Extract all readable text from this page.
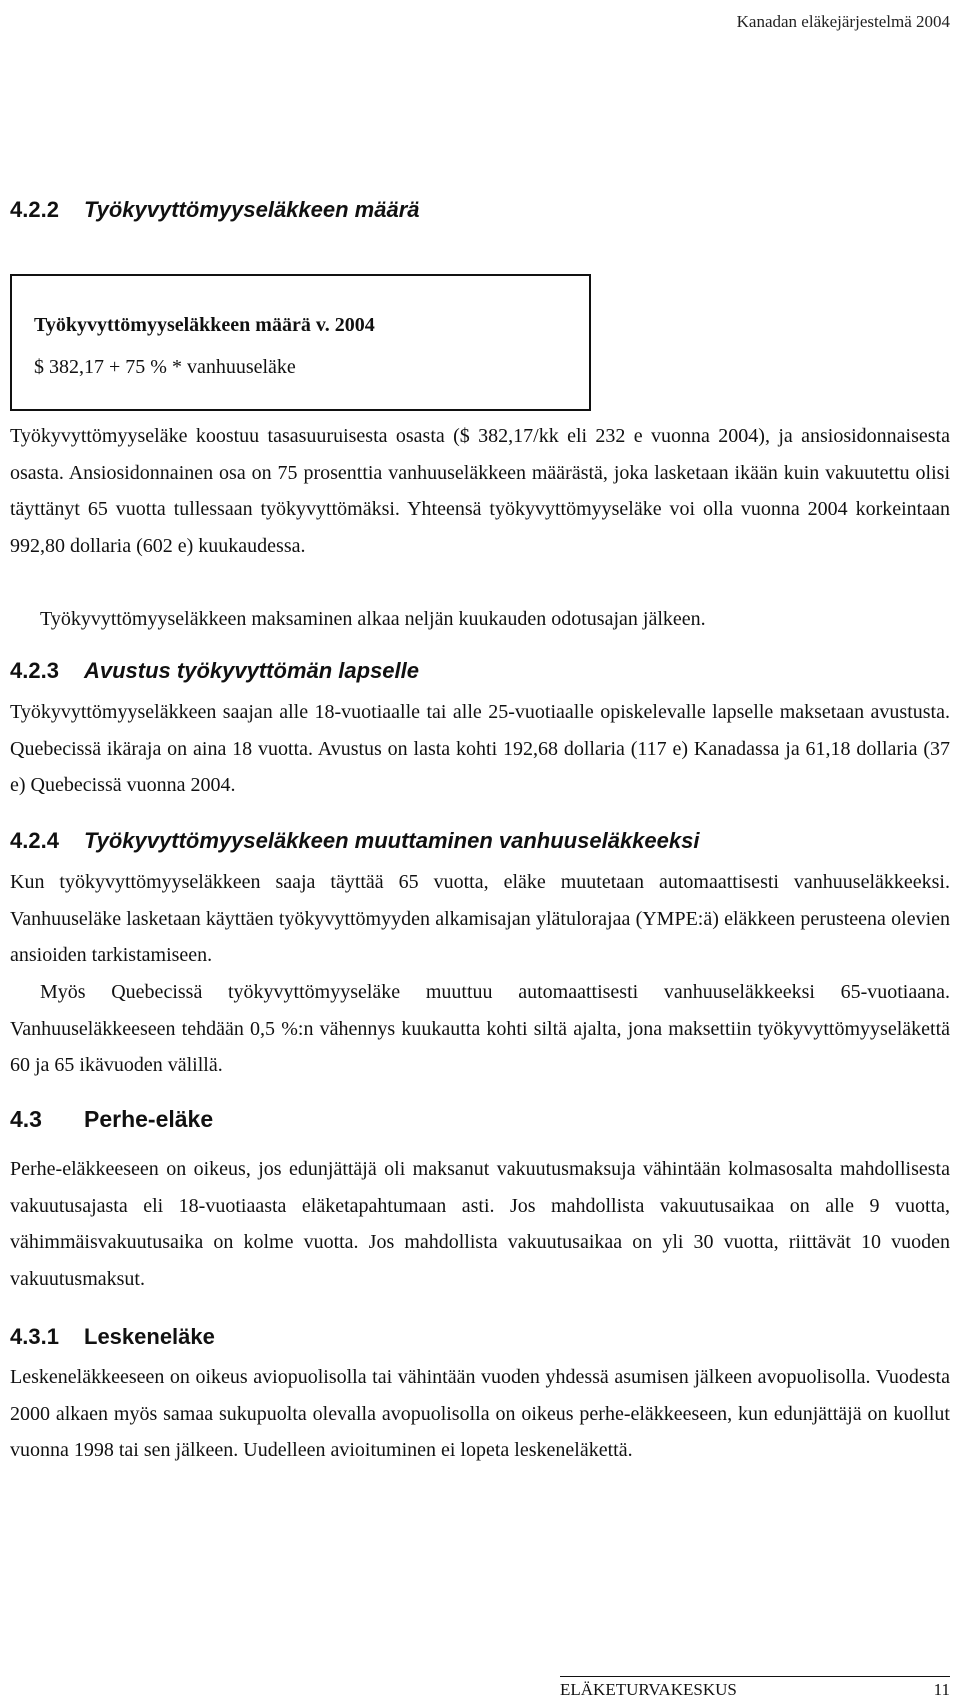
Kanadan eläkejärjestelmä 2004
4.2.2 Työkyvyttömyyseläkkeen määrä
Työkyvyttömyyseläkkeen määrä v. 2004
$ 382,17 + 75 % * vanhuuseläke

Työkyvyttömyyseläke koostuu tasasuuruisesta osasta ($ 382,17/kk eli 232 e vuonna 2004), ja ansiosidonnaisesta osasta. Ansiosidonnainen osa on 75 prosenttia vanhuuseläkkeen määrästä, joka lasketaan ikään kuin vakuutettu olisi täyttänyt 65 vuotta tullessaan työkyvyttömäksi. Yhteensä työkyvyttömyyseläke voi olla vuonna 2004 korkeintaan 992,80 dollaria (602 e) kuukaudessa.

Työkyvyttömyyseläkkeen maksaminen alkaa neljän kuukauden odotusajan jälkeen.

4.2.3 Avustus työkyvyttömän lapselle

Työkyvyttömyyseläkkeen saajan alle 18-vuotiaalle tai alle 25-vuotiaalle opiskelevalle lapselle maksetaan avustusta. Quebecissä ikäraja on aina 18 vuotta. Avustus on lasta kohti 192,68 dollaria (117 e) Kanadassa ja 61,18 dollaria (37 e) Quebecissä vuonna 2004.

4.2.4 Työkyvyttömyyseläkkeen muuttaminen vanhuuseläkkeeksi

Kun työkyvyttömyyseläkkeen saaja täyttää 65 vuotta, eläke muutetaan automaattisesti vanhuuseläkkeeksi. Vanhuuseläke lasketaan käyttäen työkyvyttömyyden alkamisajan ylätulorajaa (YMPE:ä) eläkkeen perusteena olevien ansioiden tarkistamiseen.

Myös Quebecissä työkyvyttömyyseläke muuttuu automaattisesti vanhuuseläkkeeksi 65-vuotiaana. Vanhuuseläkkeeseen tehdään 0,5 %:n vähennys kuukautta kohti siltä ajalta, jona maksettiin työkyvyttömyyseläkettä 60 ja 65 ikävuoden välillä.

4.3 Perhe-eläke

Perhe-eläkkeeseen on oikeus, jos edunjättäjä oli maksanut vakuutusmaksuja vähintään kolmasosalta mahdollisesta vakuutusajasta eli 18-vuotiaasta eläketapahtumaan asti. Jos mahdollista vakuutusaikaa on alle 9 vuotta, vähimmäisvakuutusaika on kolme vuotta. Jos mahdollista vakuutusaikaa on yli 30 vuotta, riittävät 10 vuoden vakuutusmaksut.

4.3.1 Leskeneläke

Leskeneläkkeeseen on oikeus aviopuolisolla tai vähintään vuoden yhdessä asumisen jälkeen avopuolisolla. Vuodesta 2000 alkaen myös samaa sukupuolta olevalla avopuolisolla on oikeus perhe-eläkkeeseen, kun edunjättäjä on kuollut vuonna 1998 tai sen jälkeen. Uudelleen avioituminen ei lopeta leskeneläkettä.

ELÄKETURVAKESKUS	11
